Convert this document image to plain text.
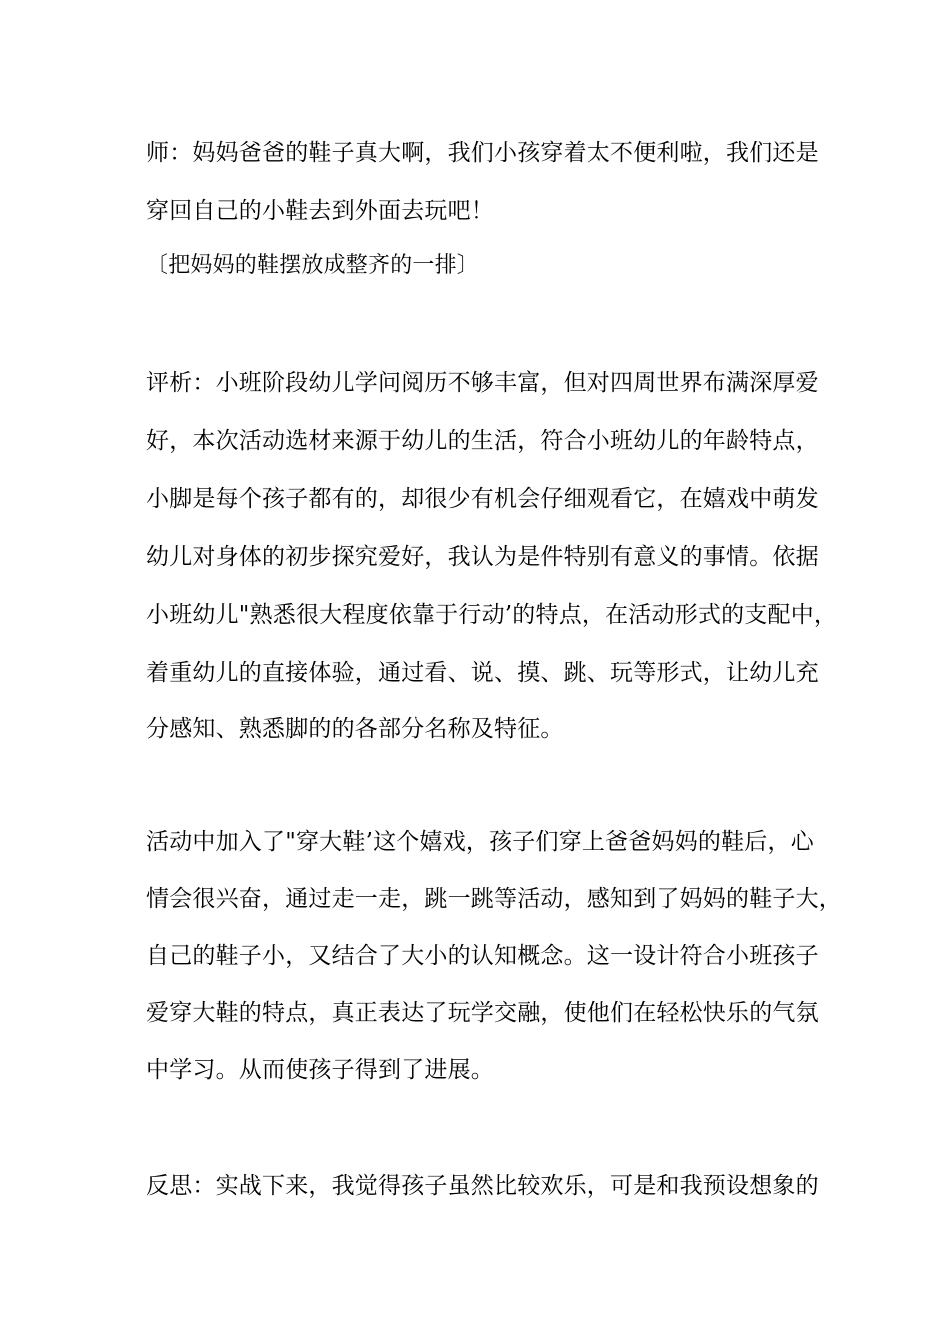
师：妈妈爸爸的鞋子真大啊，我们小孩穿着太不便利啦，我们还是
穿回自己的小鞋去到外面去玩吧！
〔把妈妈的鞋摆放成整齐的一排〕
评析：小班阶段幼儿学问阅历不够丰富，但对四周世界布满深厚爱
好，本次活动选材来源于幼儿的生活，符合小班幼儿的年龄特点，
小脚是每个孩子都有的，却很少有机会仔细观看它，在嬉戏中萌发
幼儿对身体的初步探究爱好，我认为是件特别有意义的事情。依据
小班幼儿"熟悉很大程度依靠于行动’的特点，在活动形式的支配中，
着重幼儿的直接体验，通过看、说、摸、跳、玩等形式，让幼儿充
分感知、熟悉脚的的各部分名称及特征。
活动中加入了"穿大鞋’这个嬉戏，孩子们穿上爸爸妈妈的鞋后，心
情会很兴奋，通过走一走，跳一跳等活动，感知到了妈妈的鞋子大，
自己的鞋子小，又结合了大小的认知概念。这一设计符合小班孩子
爱穿大鞋的特点，真正表达了玩学交融，使他们在轻松快乐的气氛
中学习。从而使孩子得到了进展。
反思：实战下来，我觉得孩子虽然比较欢乐，可是和我预设想象的
